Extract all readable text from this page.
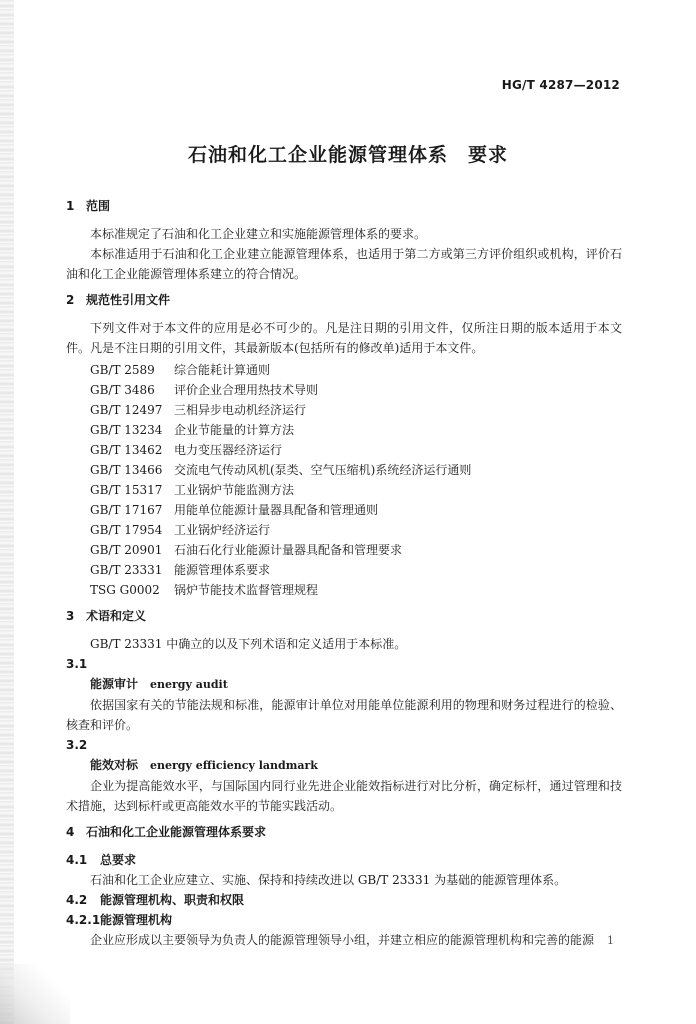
HG/T 4287—2012
石油和化工企业能源管理体系　要求

1 范围

本标准规定了石油和化工企业建立和实施能源管理体系的要求。

本标准适用于石油和化工企业建立能源管理体系，也适用于第二方或第三方评价组织或机构，评价石油和化工企业能源管理体系建立的符合情况。

2 规范性引用文件

下列文件对于本文件的应用是必不可少的。凡是注日期的引用文件，仅所注日期的版本适用于本文件。凡是不注日期的引用文件，其最新版本(包括所有的修改单)适用于本文件。

GB/T 2589	综合能耗计算通则
GB/T 3486	评价企业合理用热技术导则
GB/T 12497 三相异步电动机经济运行
GB/T 13234 企业节能量的计算方法
GB/T 13462 电力变压器经济运行
GB/T 13466 交流电气传动风机(泵类、空气压缩机)系统经济运行通则
GB/T 15317 工业锅炉节能监测方法
GB/T 17167 用能单位能源计量器具配备和管理通则
GB/T 17954 工业锅炉经济运行
GB/T 20901 石油石化行业能源计量器具配备和管理要求
GB/T 23331 能源管理体系要求
TSG G0002	锅炉节能技术监督管理规程

3 术语和定义

GB/T 23331 中确立的以及下列术语和定义适用于本标准。

3.1

能源审计 energy audit

依据国家有关的节能法规和标准，能源审计单位对用能单位能源利用的物理和财务过程进行的检验、核查和评价。

3.2

能效对标 energy efficiency landmark

企业为提高能效水平，与国际国内同行业先进企业能效指标进行对比分析，确定标杆，通过管理和技术措施，达到标杆或更高能效水平的节能实践活动。

4 石油和化工企业能源管理体系要求

4.1 总要求

石油和化工企业应建立、实施、保持和持续改进以 GB/T 23331 为基础的能源管理体系。

4.2 能源管理机构、职责和权限

4.2.1能源管理机构

企业应形成以主要领导为负责人的能源管理领导小组，并建立相应的能源管理机构和完善的能源	1
